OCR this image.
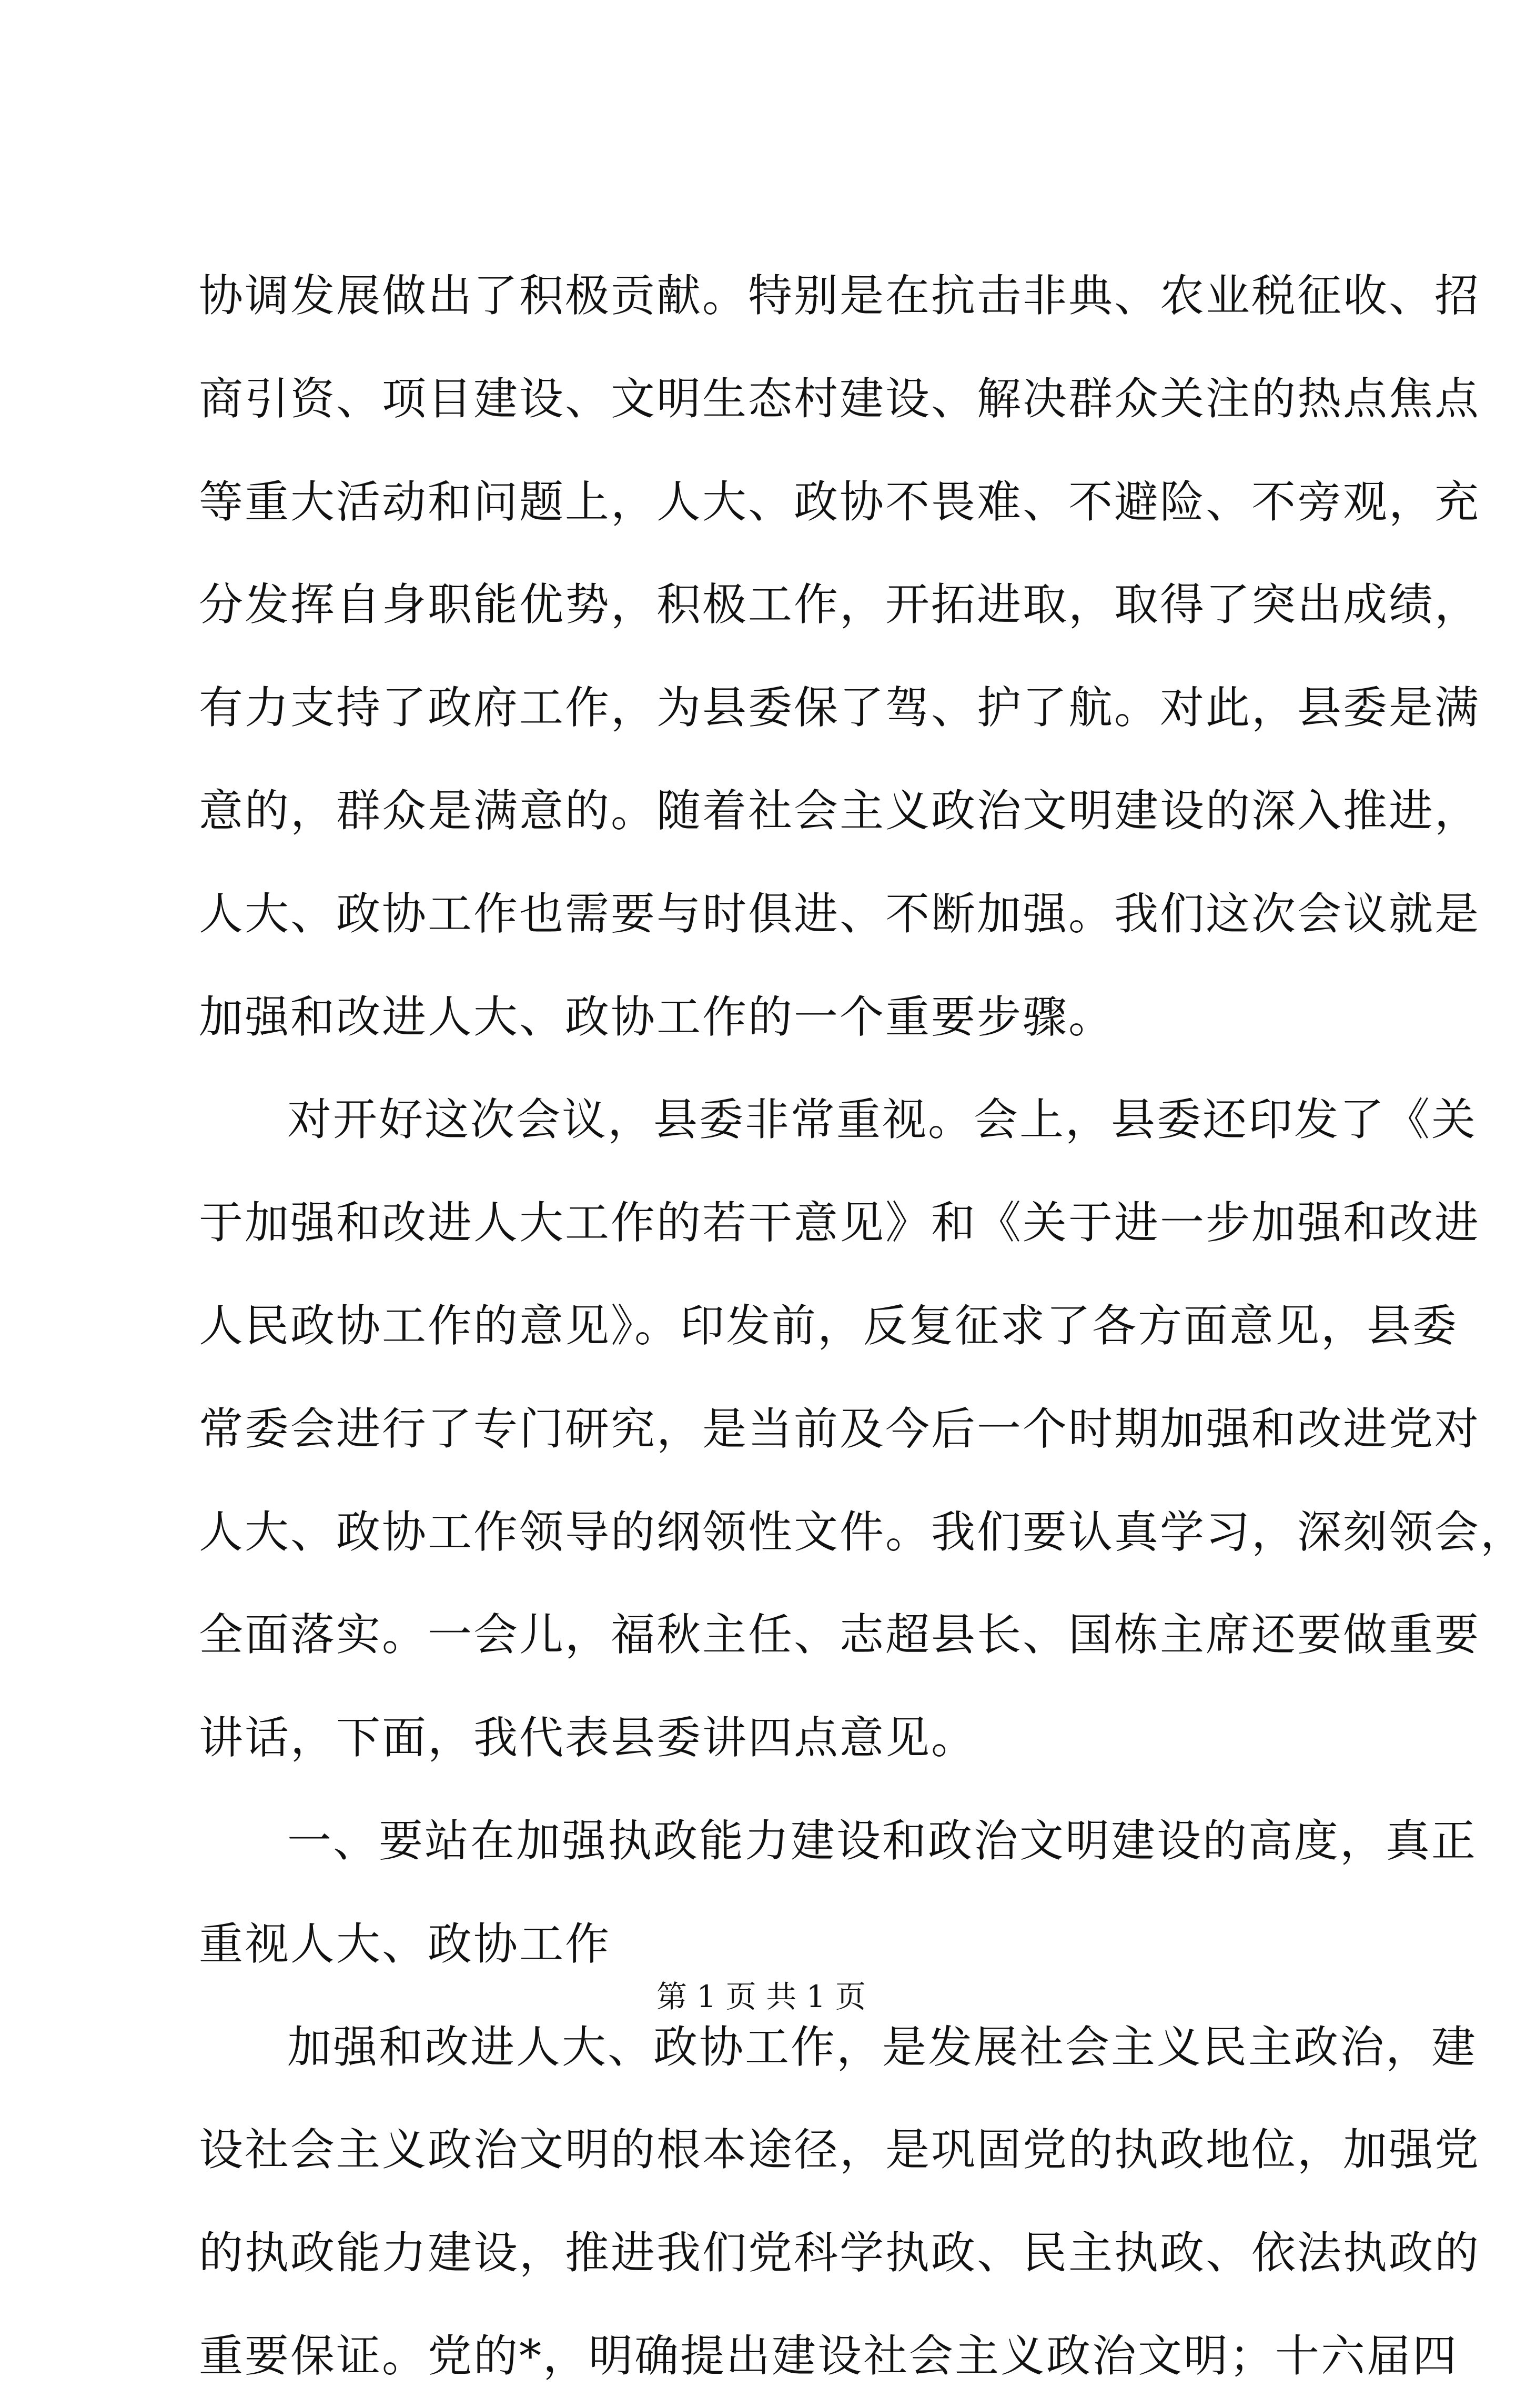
协调发展做出了积极贡献。特别是在抗击非典、农业税征收、招
商引资、项目建设、文明生态村建设、解决群众关注的热点焦点
等重大活动和问题上，人大、政协不畏难、不避险、不旁观，充
分发挥自身职能优势，积极工作，开拓进取，取得了突出成绩，
有力支持了政府工作，为县委保了驾、护了航。对此，县委是满
意的，群众是满意的。随着社会主义政治文明建设的深入推进，
人大、政协工作也需要与时俱进、不断加强。我们这次会议就是
加强和改进人大、政协工作的一个重要步骤。
对开好这次会议，县委非常重视。会上，县委还印发了《关
于加强和改进人大工作的若干意见》和《关于进一步加强和改进
人民政协工作的意见》。印发前，反复征求了各方面意见，县委
常委会进行了专门研究，是当前及今后一个时期加强和改进党对
人大、政协工作领导的纲领性文件。我们要认真学习，深刻领会，
全面落实。一会儿，福秋主任、志超县长、国栋主席还要做重要
讲话，下面，我代表县委讲四点意见。
一、要站在加强执政能力建设和政治文明建设的高度，真正
重视人大、政协工作
加强和改进人大、政协工作，是发展社会主义民主政治，建
设社会主义政治文明的根本途径，是巩固党的执政地位，加强党
的执政能力建设，推进我们党科学执政、民主执政、依法执政的
重要保证。党的*，明确提出建设社会主义政治文明；十六届四
第 1 页 共 1 页
